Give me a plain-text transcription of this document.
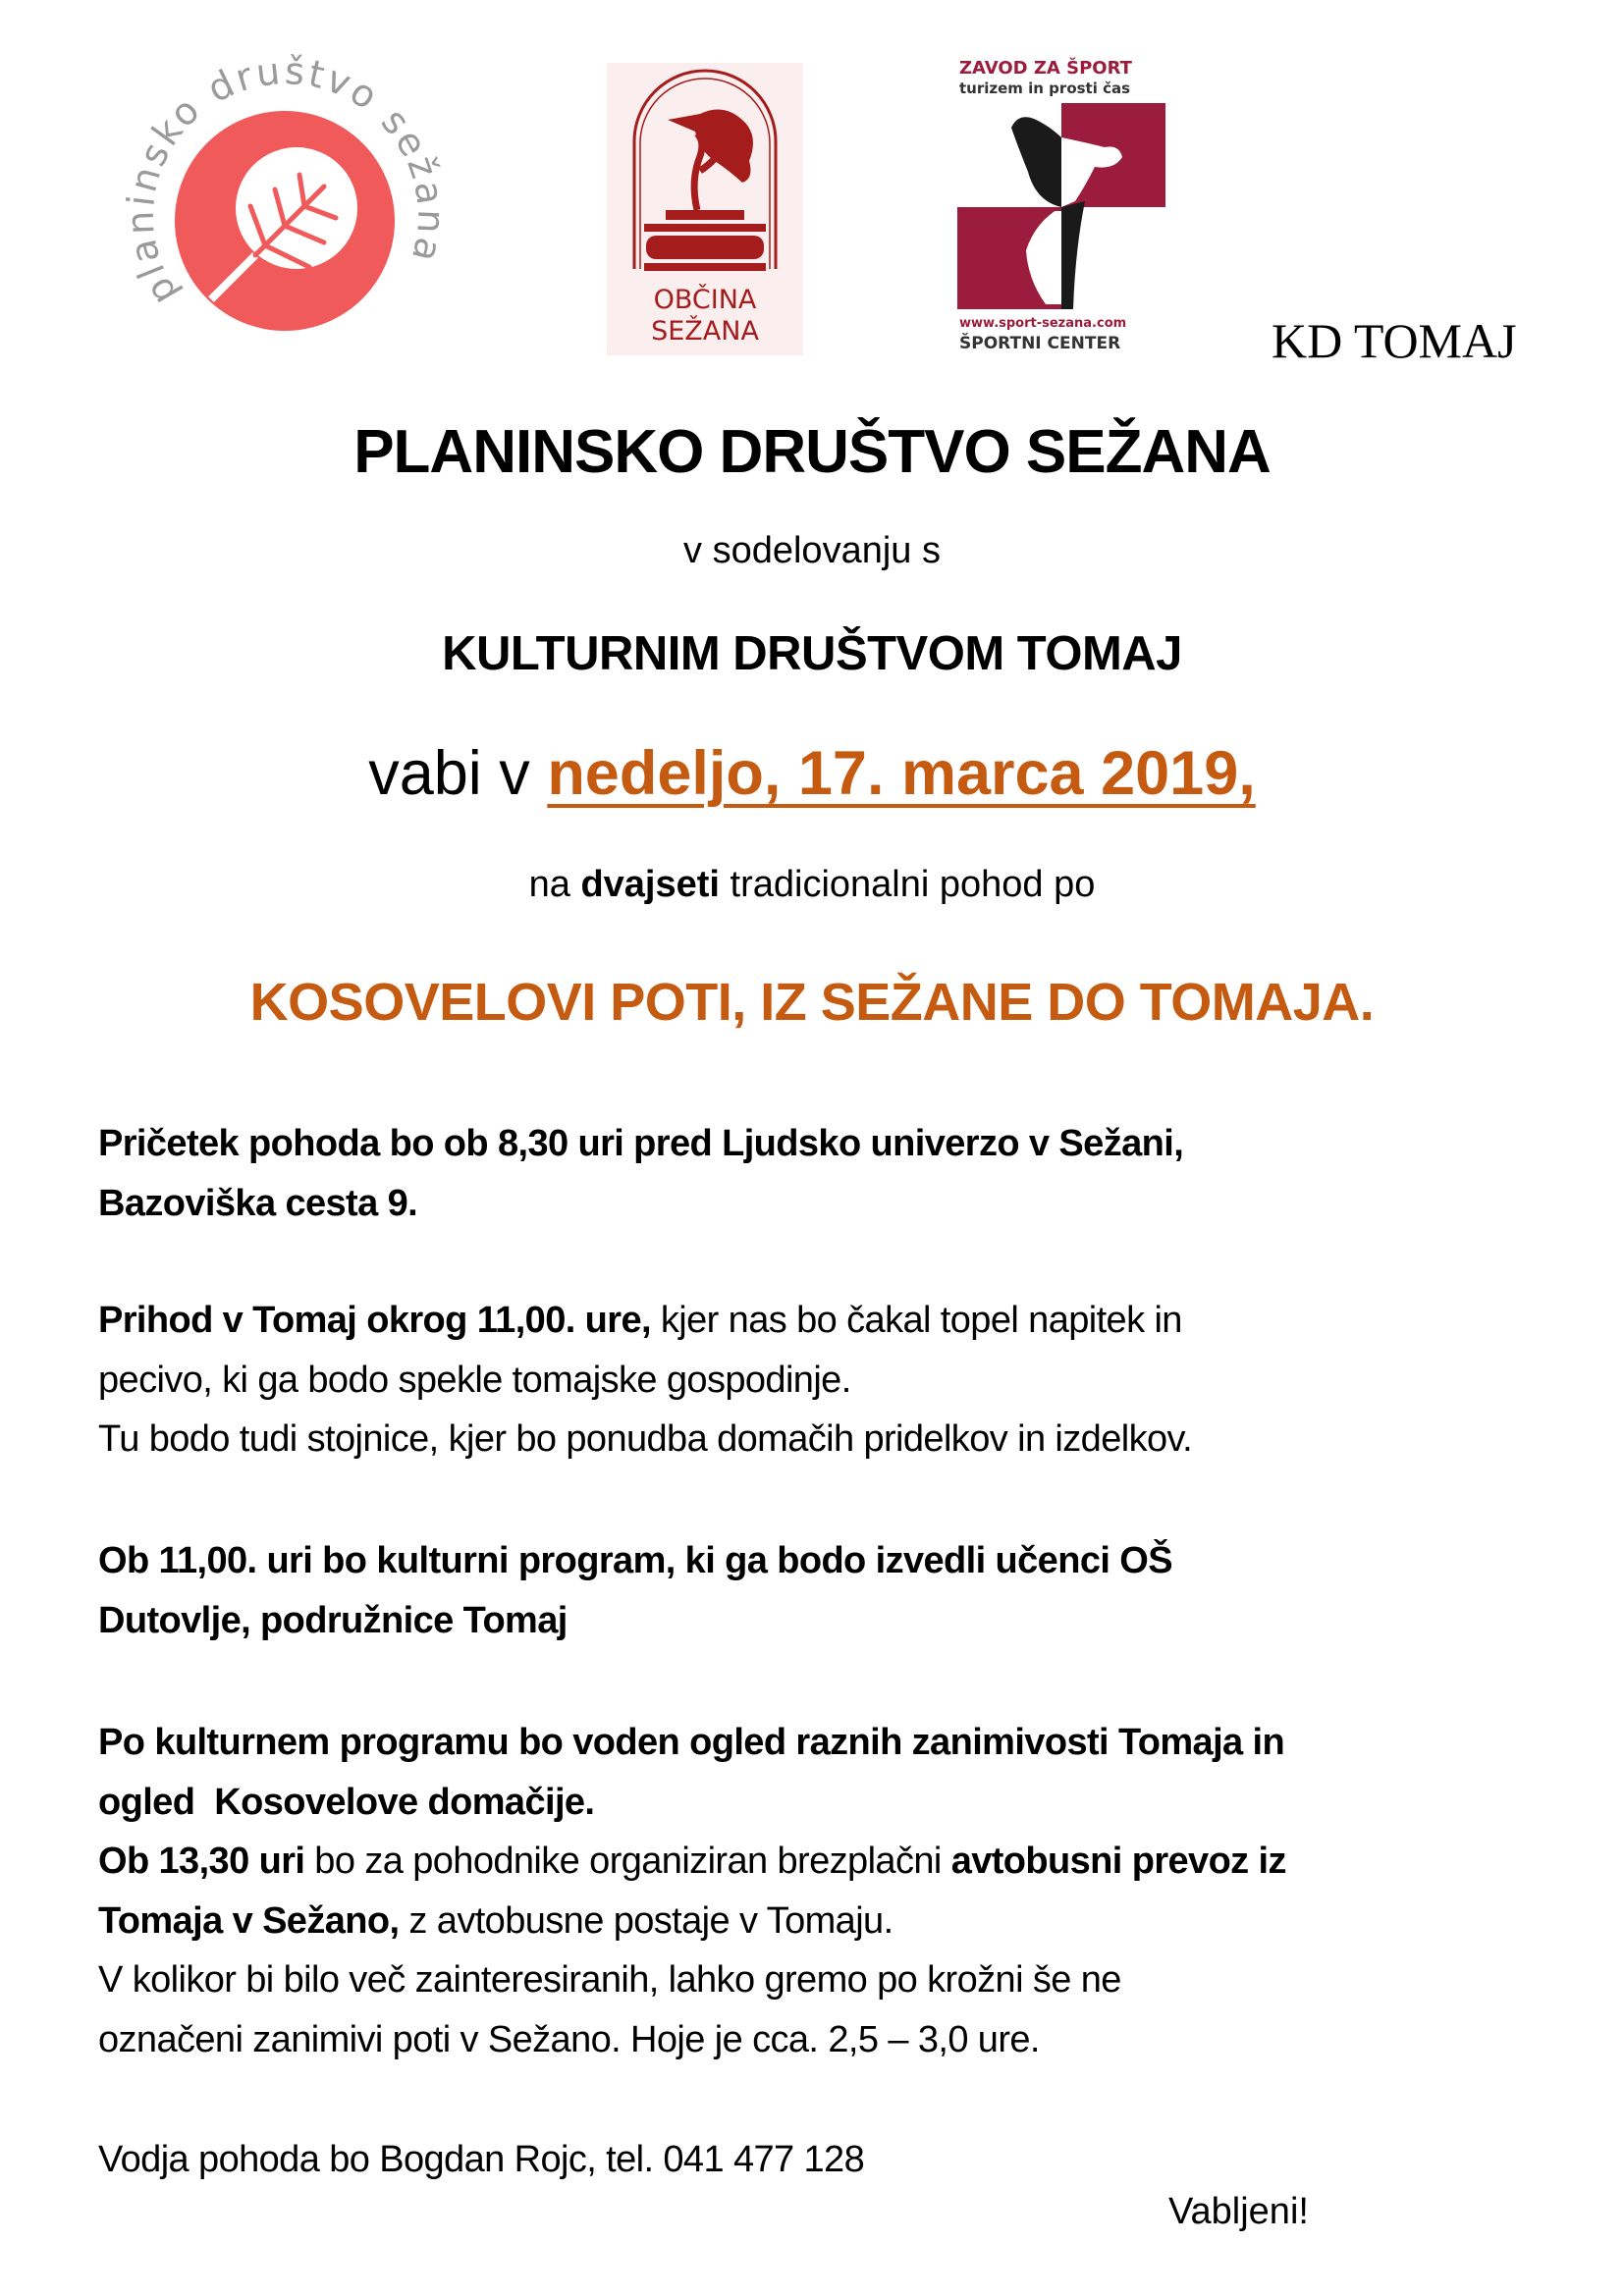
planinsko društvo sežana
OBČINA
SEŽANA
ZAVOD ZA ŠPORT
turizem in prosti čas
www.sport-sezana.com
ŠPORTNI CENTER	KD TOMAJ
PLANINSKO DRUŠTVO SEŽANA
v sodelovanju s
KULTURNIM DRUŠTVOM TOMAJ
vabi v nedeljo, 17. marca 2019,
na dvajseti tradicionalni pohod po
KOSOVELOVI POTI, IZ SEŽANE DO TOMAJA.
Pričetek pohoda bo ob 8,30 uri pred Ljudsko univerzo v Sežani,
Bazoviška cesta 9.
Prihod v Tomaj okrog 11,00. ure, kjer nas bo čakal topel napitek in
pecivo, ki ga bodo spekle tomajske gospodinje.
Tu bodo tudi stojnice, kjer bo ponudba domačih pridelkov in izdelkov.
Ob 11,00. uri bo kulturni program, ki ga bodo izvedli učenci OŠ
Dutovlje, podružnice Tomaj
Po kulturnem programu bo voden ogled raznih zanimivosti Tomaja in
ogled  Kosovelove domačije.
Ob 13,30 uri bo za pohodnike organiziran brezplačni avtobusni prevoz iz
Tomaja v Sežano, z avtobusne postaje v Tomaju.
V kolikor bi bilo več zainteresiranih, lahko gremo po krožni še ne
označeni zanimivi poti v Sežano. Hoje je cca. 2,5 – 3,0 ure.
Vodja pohoda bo Bogdan Rojc, tel. 041 477 128
Vabljeni!
